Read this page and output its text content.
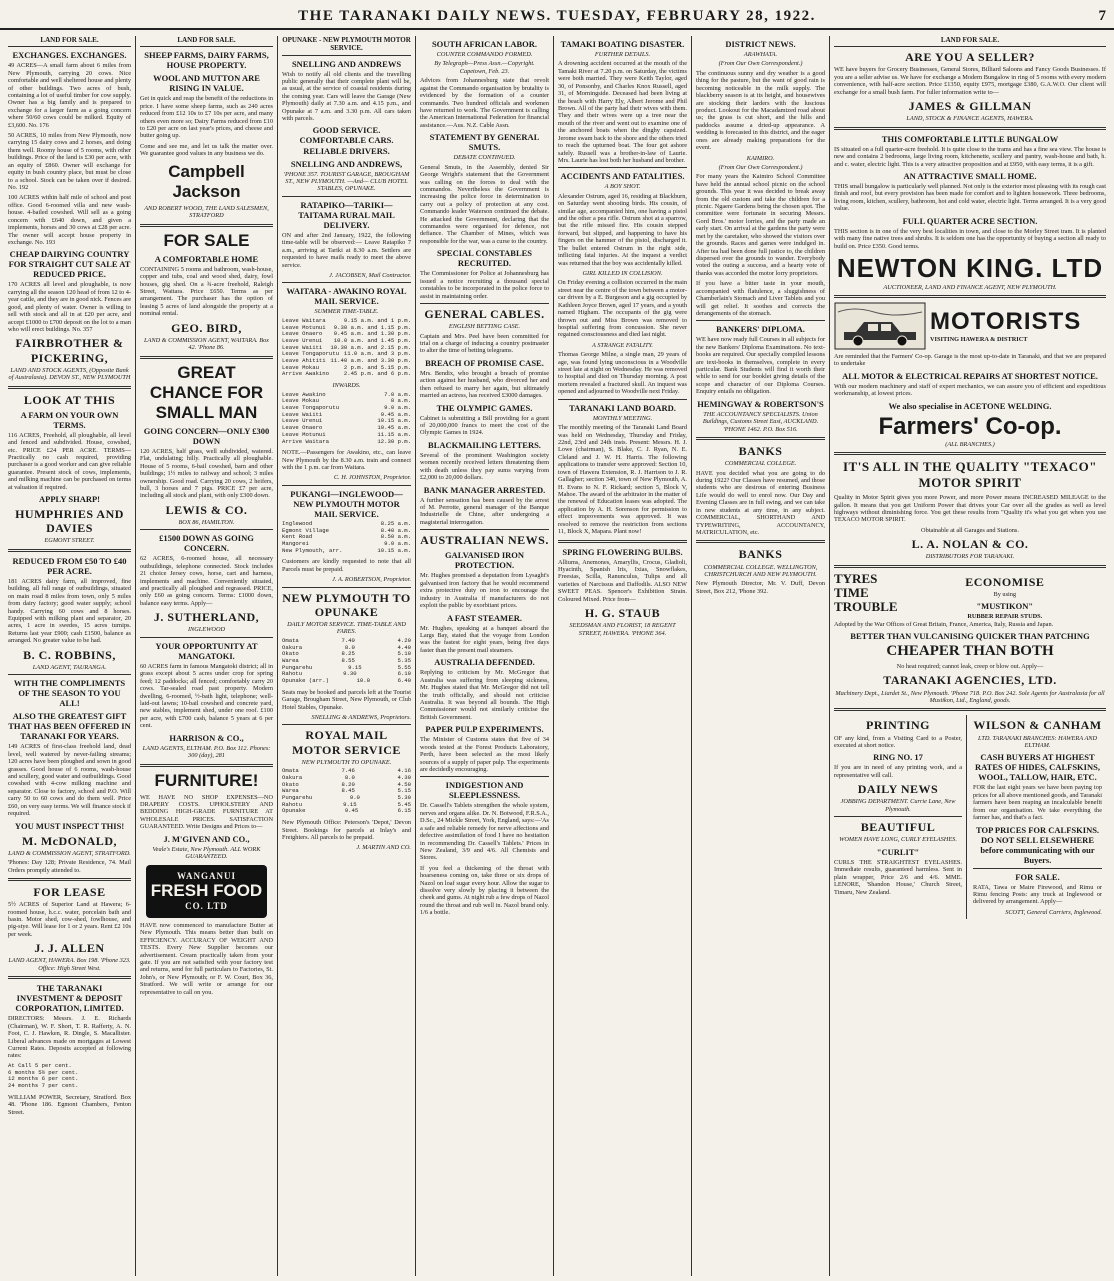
THE TARANAKI DAILY NEWS. TUESDAY, FEBRUARY 28, 1922.	7
LAND FOR SALE.
EXCHANGES. EXCHANGES.

49 ACRES—A small farm about 6 miles from New Plymouth, carrying 20 cows. Nice comfortable and well sheltered house and plenty of other buildings. Two acres of bush, containing a lot of useful timber for cow supply. Owner has a big family and is prepared to exchange for a larger farm as a going concern where 50/60 cows could be milked. Equity of £3,600. No. 176

50 ACRES, 10 miles from New Plymouth, now carrying 15 dairy cows and 2 horses, and doing them well. Roomy house of 5 rooms, with other buildings. Price of the land is £30 per acre, with an equity of £860. Owner will exchange for equity in bush country place, but must be close to a school. Stock can be taken over if desired. No. 192

100 ACRES within half mile of school and post office. Good 6-roomed villa and new wash-house. 4-bailed cowshed. Will sell as a going concern with £640 down, and given a implements, horses and 30 cows at £28 per acre. The owner will accept house property in exchange. No. 193

CHEAP DAIRYING COUNTRY FOR STRAIGHT CUT SALE AT REDUCED PRICE.

170 ACRES all level and ploughable, is now carrying all the season 120 head of from 12 to 4-year cattle, and they are in good nick. Fences are good, and plenty of water. Owner is willing to sell with stock and all in at £20 per acre, and accept £1000 to £700 deposit on the lot to a man who will erect buildings. No. 357

FAIRBROTHER & PICKERING,
LAND AND STOCK AGENTS, (Opposite Bank of Australasia). DEVON ST., NEW PLYMOUTH
LOOK AT THIS
A FARM ON YOUR OWN TERMS.

116 ACRES, Freehold, all ploughable, all level and fenced and subdivided. House, cowshed, etc. PRICE £24 PER ACRE. TERMS—Practically no cash required, providing purchaser is a good worker and can give reliable guarantee. Present stock of cows, implements, and milking machine can be purchased on terms at valuation if required.

APPLY SHARP!
HUMPHRIES AND DAVIES
EGMONT STREET.
REDUCED FROM £50 TO £40 PER ACRE.

181 ACRES dairy farm, all improved, fine building, all full range of outbuildings, situated on main road 8 miles from town, only 5 miles from dairy factory; good water supply; school handy. Carrying 60 cows and 8 horses. Equipped with milking plant and separator, 20 acres, 1 acre in swedes, 15 acres turnips. Returns last year £900; cash £1500, balance as arranged. No greater value to be had.

B. C. ROBBINS,
LAND AGENT, TAURANGA.
WITH THE COMPLIMENTS OF THE SEASON TO YOU ALL!
ALSO THE GREATEST GIFT THAT HAS BEEN OFFERED IN TARANAKI FOR YEARS.

149 ACRES of first-class freehold land, dead level, well watered by never-failing streams; 120 acres have been ploughed and sown in good grasses. Good house of 6 rooms, wash-house and scullery, good water and outbuildings. Good cowshed with 4-cow milking machine and separator. Close to factory, school and P.O. Will carry 50 to 60 cows and do them well. Price £60, on very easy terms. We will finance stock if required.

YOU MUST INSPECT THIS!
M. McDONALD,
LAND & COMMISSION AGENT, STRATFORD.

'Phones: Day 128; Private Residence, 74. Mail Orders promptly attended to.

FOR LEASE

5½ ACRES of Superior Land at Hawera; 6-roomed house, h.c.c. water, porcelain bath and basin. Motor shed, cow-shed, fowlhouse, and pig-stye. Will lease for 1 or 2 years. Rent £2 10s per week.

J. J. ALLEN
LAND AGENT, HAWERA. Box 198. 'Phone 323. Office: High Street West.
THE TARANAKI INVESTMENT & DEPOSIT CORPORATION, LIMITED.

DIRECTORS: Messrs. J. E. Richards (Chairman), W. F. Short, T. R. Rafferty, A. N. Foot, C. J. Hawken, R. Dingle, S. Macallister. Liberal advances made on mortgages at Lowest Current Rates. Deposits accepted at following rates:

At Call 5 per cent.
6 months 5½ per cent.
12 months 6 per cent.
24 months 7 per cent.

WILLIAM POWER, Secretary, Stratford. Box 48. 'Phone 186. Egmont Chambers, Fenton Street.

LAND FOR SALE.
SHEEP FARMS, DAIRY FARMS, HOUSE PROPERTY.
WOOL AND MUTTON ARE RISING IN VALUE.

Get in quick and reap the benefit of the reductions in price. I have some sheep farms, such as 240 acres reduced from £12 10s to £7 10s per acre, and many others even more so; Dairy Farms reduced from £10 to £20 per acre on last year's prices, and cheese and butter going up.

Come and see me, and let us talk the matter over. We guarantee good values in any business we do.

Campbell Jackson
AND ROBERT WOOD, THE LAND SALESMEN, STRATFORD
FOR SALE
A COMFORTABLE HOME

CONTAINING 5 rooms and bathroom, wash-house, copper and tubs, coal and wood shed, dairy, fowl houses, gig shed. On a ¾-acre freehold, Raleigh Street, Waitara. Price £650. Terms as per arrangement. The purchaser has the option of leasing 5 acres of land alongside the property at a nominal rental.

GEO. BIRD,
LAND & COMMISSION AGENT, WAITARA. Box 42. 'Phone 86.
GREAT CHANCE FOR SMALL MAN
GOING CONCERN—ONLY £300 DOWN

120 ACRES, half grass, well subdivided, watered. Flat, undulating; hilly. Practically all ploughable. House of 5 rooms, 6-bail cowshed, barn and other buildings; 1½ miles to railway and school; 3 miles ownership. Good road. Carrying 20 cows, 2 heifers, bull, 3 horses and 7 pigs. PRICE £7 per acre, including all stock and plant, with only £300 down.

LEWIS & CO.
BOX 86, HAMILTON.
£1500 DOWN AS GOING CONCERN.

62 ACRES, 6-roomed house, all necessary outbuildings, telephone connected. Stock includes 21 choice Jersey cows, horse, cart and harness, implements and machine. Conveniently situated, and practically all ploughed and regrassed. PRICE, only £60 as going concern. Terms: £1000 down, balance easy terms. Apply—

J. SUTHERLAND,
INGLEWOOD
YOUR OPPORTUNITY AT MANGATOKI.

60 ACRES farm in famous Mangatoki district; all in grass except about 5 acres under crop for spring feed; 12 paddocks; all fenced; comfortably carry 20 cows. Tar-sealed road past property. Modern dwelling, 6-roomed, ½-bath light, telephone; well-laid-out lawns; 10-bail cowshed and concrete yard, new stables, implement shed, under one roof. £100 per acre, with £700 cash, balance 5 years at 6 per cent.

HARRISON & CO.,
LAND AGENTS, ELTHAM. P.O. Box 112. Phones: 300 (day), 281
FURNITURE!

WE HAVE NO SHOP EXPENSES—NO DRAPERY COSTS. UPHOLSTERY AND BEDDING HIGH-GRADE FURNITURE AT WHOLESALE PRICES. SATISFACTION GUARANTEED. Write Designs and Prices to—

J. M'GIVEN AND CO.,
Veale's Estate, New Plymouth. ALL WORK GUARANTEED.
WANGANUI
FRESH FOOD
CO. LTD

HAVE now commenced to manufacture Butter at New Plymouth. This means better than built on EFFICIENCY. ACCURACY OF WEIGHT AND TESTS. Every New Supplier becomes our advertisement. Cream practically taken from your gate. If you are not satisfied with your factory test and returns, send for full particulars to Factories, St. John's, or New Plymouth; or F. W. Court, Box 36, Stratford. We will write or arrange for our representative to call on you.

OPUNAKE - NEW PLYMOUTH MOTOR SERVICE.
SNELLING AND ANDREWS

Wish to notify all old clients and the travelling public generally that their complete plant will be, as usual, at the service of coastal residents during the coming year. Cars will leave the Garage (New Plymouth) daily at 7.30 a.m. and 4.15 p.m., and Opunake at 7 a.m. and 3.30 p.m. All cars taken with parcels.

GOOD SERVICE. COMFORTABLE CARS. RELIABLE DRIVERS.
SNELLING AND ANDREWS,
'PHONE 357. TOURIST GARAGE, BROUGHAM ST., NEW PLYMOUTH. —And— CLUB HOTEL STABLES, OPUNAKE.
RATAPIKO—TARIKI—TAITAMA RURAL MAIL DELIVERY.

ON and after 2nd January, 1922, the following time-table will be observed:— Leave Ratapiko 7 a.m., arriving at Tariki at 8.30 a.m. Settlers are requested to have mails ready to meet the above service.

J. JACOBSEN, Mail Contractor.
WAITARA - AWAKINO ROYAL MAIL SERVICE.
SUMMER TIME-TABLE.
Leave Waitara	9.15 a.m. and 1 p.m.
Leave Motunui 9.30 a.m. and 1.15 p.m.
Leave Onaero 9.45 a.m. and 1.30 p.m.
Leave Urenui 10.0 a.m. and 1.45 p.m.
Leave Waiiti 10.30 a.m. and 2.15 p.m.
Leave Tongaporutu 11.0 a.m. and 3 p.m.
Leave Ahititi 11.40 a.m. and 3.30 p.m.
Leave Mokau	2 p.m. and 5.15 p.m.
Arrive Awakino	2.45 p.m. and 6 p.m.
INWARDS.
Leave Awakino	7.0 a.m.
Leave Mokau	8 a.m.
Leave Tongaporutu	9.0 a.m.
Leave Waiiti	9.45 a.m.
Leave Urenui	10.15 a.m.
Leave Onaero	10.45 a.m.
Leave Motunui	11.15 a.m.
Arrive Waitara	12.30 p.m.

NOTE.—Passengers for Awakino, etc., can leave New Plymouth by the 8.30 a.m. train and connect with the 1 p.m. car from Waitara.

C. H. JOHNSTON, Proprietor.
PUKANGI—INGLEWOOD—NEW PLYMOUTH MOTOR MAIL SERVICE.
Inglewood	8.25 a.m.
Egmont Village	8.40 a.m.
Kent Road	8.50 a.m.
Mangorei	9.0 a.m.
New Plymouth, arr.	10.15 a.m.

Customers are kindly requested to note that all Parcels must be prepaid.

J. A. ROBERTSON, Proprietor.
NEW PLYMOUTH TO OPUNAKE
DAILY MOTOR SERVICE. TIME-TABLE AND FARES.
Omata	7.40	4.20
Oakura	8.0	4.40
Okato	8.25	5.10
Warea	8.55	5.35
Pungarehu	9.15	5.55
Rahotu	9.30	6.10
Opunake (arr.)	10.0	6.40

Seats may be booked and parcels left at the Tourist Garage, Brougham Street, New Plymouth, or Club Hotel Stables, Opunake.

SNELLING & ANDREWS, Proprietors.
ROYAL MAIL MOTOR SERVICE
NEW PLYMOUTH TO OPUNAKE.
Omata	7.46	4.16
Oakura	8.0	4.30
Okato	8.20	4.50
Warea	8.45	5.15
Pungarehu	9.0	5.30
Rahotu	9.15	5.45
Opunake	9.45	6.15

New Plymouth Office: Peterson's 'Depot,' Devon Street. Bookings for parcels at Inlay's and Freighters. All parcels to be prepaid.

J. MARTIN AND CO.
SOUTH AFRICAN LABOR.
COUNTER COMMANDO FORMED.
By Telegraph—Press Assn.—Copyright. Capetown, Feb. 23.

Advices from Johannesburg state that revolt against the Commando organisation by brutality is evidenced by the formation of a counter commando. Two hundred officials and workmen have returned to work. The Government is calling the American International Federation for financial assistance.—Aus. N.Z. Cable Assn.

STATEMENT BY GENERAL SMUTS.
DEBATE CONTINUED.

General Smuts, in the Assembly, denied Sir George Wright's statement that the Government was calling on the forces to deal with the commandos. Nevertheless the Government is increasing the police force in determination to carry out a policy of protection at any cost. Commando leader Waterson continued the debate. He attacked the Government, declaring that the commandos were organised for defence, not defiance. The Chamber of Mines, which was responsible for the war, was a curse to the country.

SPECIAL CONSTABLES RECRUITED.

The Commissioner for Police at Johannesburg has issued a notice recruiting a thousand special constables to be incorporated in the police force to assist in maintaining order.

GENERAL CABLES.
ENGLISH BETTING CASE.

Captain and Mrs. Peel have been committed for trial on a charge of inducing a country postmaster to alter the time of betting telegrams.

BREACH OF PROMISE CASE.

Mrs. Bendix, who brought a breach of promise action against her husband, who divorced her and then refused to marry her again, but ultimately married an actress, has received £3000 damages.

THE OLYMPIC GAMES.

Cabinet is submitting a Bill providing for a grant of 20,000,000 francs to meet the cost of the Olympic Games in 1924.

BLACKMAILING LETTERS.

Several of the prominent Washington society women recently received letters threatening them with death unless they pay sums varying from £2,000 to 20,000 dollars.

BANK MANAGER ARRESTED.

A further sensation has been caused by the arrest of M. Perrotte, general manager of the Banque Industrielle de Chine, after undergoing a magisterial interrogation.

AUSTRALIAN NEWS.
GALVANISED IRON PROTECTION.

Mr. Hughes promised a deputation from Lysaght's galvanised iron factory that he would recommend extra protective duty on iron to encourage the industry in Australia if manufacturers do not exploit the public by exorbitant prices.

A FAST STEAMER.

Mr. Hughes, speaking at a banquet aboard the Largs Bay, stated that the voyage from London was the fastest for eight years, being five days faster than the present mail steamers.

AUSTRALIA DEFENDED.

Replying to criticism by Mr. McGregor that Australia was suffering from sleeping sickness, Mr. Hughes stated that Mr. McGregor did not tell the truth officially, and should not criticise Australia. It was beyond all bounds. The High Commissioner would not similarly criticise the British Government.

PAPER PULP EXPERIMENTS.

The Minister of Customs states that five of 34 woods tested at the Forest Products Laboratory, Perth, have been selected as the most likely sources of a supply of paper pulp. The experiments are decidedly encouraging.

INDIGESTION AND SLEEPLESSNESS.

Dr. Cassell's Tablets strengthen the whole system, nerves and organs alike. Dr. N. Botwood, F.R.S.A., D.Sc., 24 Mickle Street, York, England, says:—'As a safe and reliable remedy for nerve affections and defective assimilation of food I have no hesitation in recommending Dr. Cassell's Tablets.' Prices in New Zealand, 3/9 and 4/6. All Chemists and Stores.

If you feel a thickening of the throat with hoarseness coming on, take three or six drops of Nazol on loaf sugar every hour. Allow the sugar to dissolve very slowly by placing it between the cheek and gums. At night rub a few drops of Nazol round the throat and rub well in. Nazol brand only. 1/6 a bottle.

TAMAKI BOATING DISASTER.
FURTHER DETAILS.

A drowning accident occurred at the mouth of the Tamaki River at 7.20 p.m. on Saturday, the victims were both married. They were Keith Taylor, aged 30, of Ponsonby, and Charles Knox Russell, aged 31, of Morningside. Deceased had been living at the beach with Harry Ely, Albert Jerome and Phil Brown. All of the party had their wives with them. They and their wives were up a tree near the mouth of the river and went out to examine one of the anchored boats when the dinghy capsized. Jerome swam back to the shore and the others tried to reach the upturned boat. The four got ashore safely. Russell was a brother-in-law of Laurie. Mrs. Laurie has lost both her husband and brother.

ACCIDENTS AND FATALITIES.
A BOY SHOT.

Alexander Ostrum, aged 16, residing at Blackburn, on Saturday went shooting birds. His cousin, of similar age, accompanied him, one having a pistol and the other a pea rifle. Ostrum shot at a sparrow, but the rifle missed fire. His cousin stepped forward, but slipped, and happening to have his fingers on the hammer of the pistol, discharged it. The bullet entered Ostrum in the right side, inflicting fatal injuries. At the inquest a verdict was returned that the boy was accidentally killed.

GIRL KILLED IN COLLISION.

On Friday evening a collision occurred in the main street near the centre of the town between a motor-car driven by a E. Burgeson and a gig occupied by Kathleen Joyce Brown, aged 17 years, and a youth named Higham. The occupants of the gig were thrown out and Miss Brown was removed to hospital suffering from concussion. She never regained consciousness and died last night.

A STRANGE FATALITY.

Thomas George Milne, a single man, 29 years of age, was found lying unconscious in a Woodville street late at night on Wednesday. He was removed to hospital and died on Thursday morning. A post mortem revealed a fractured skull. An inquest was opened and adjourned to Woodville next Friday.

TARANAKI LAND BOARD.
MONTHLY MEETING.

The monthly meeting of the Taranaki Land Board was held on Wednesday, Thursday and Friday, 22nd, 23rd and 24th insts. Present: Messrs. H. J. Lowe (chairman), S. Blake, C. J. Ryan, N. E. Cleland and J. W. H. Harris. The following applications to transfer were approved: Section 10, town of Hawera Extension, R. J. Harrison to J. R. Gallagher; section 340, town of New Plymouth, A. H. Evans to N. F. Rickard; section 5, Block V, Mahoe. The award of the arbitrator in the matter of the renewal of Education leases was adopted. The application by A. H. Sorenson for permission to effect improvements was approved. It was resolved to remove the restriction from sections 11, Block X, Mapara. Plant now!

SPRING FLOWERING BULBS.

Alliums, Anemones, Amaryllis, Crocus, Gladioli, Hyacinth, Spanish Iris, Ixias, Snowflakes, Freesias, Scilla, Ranunculus, Tulips and all varieties of Narcissus and Daffodils. ALSO NEW SWEET PEAS. Spencer's Exhibition Strain. Coloured Mixed. Price from—

H. G. STAUB
SEEDSMAN AND FLORIST, 18 REGENT STREET, HAWERA. 'PHONE 364.
DISTRICT NEWS.
ARAWHATA.
(From Our Own Correspondent.)

The continuous sunny and dry weather is a good thing for the pasture, but the want of good rain is becoming noticeable in the milk supply. The blackberry season is at its height, and housewives are stocking their larders with the luscious product. Lookout for the Macadamized road about us; the grass is cut short, and the hills and paddocks assume a dried-up appearance. A wedding is forecasted in this district, and the eager ones are already making preparations for the event.

KAIMIRO.
(From Our Own Correspondent.)

For many years the Kaimiro School Committee have held the annual school picnic on the school grounds. This year it was decided to break away from the old custom and take the children for a picnic. Ngaere Gardens being the chosen spot. The committee were fortunate in securing Messrs. Gord Bros.' motor lorries, and the party made an early start. On arrival at the gardens the party were met by the caretaker, who showed the visitors over the grounds. Races and games were indulged in. After tea had been done full justice to, the children dispersed over the grounds to wander. Everybody voted the outing a success, and a hearty vote of thanks was accorded the motor lorry proprietors.

If you have a bitter taste in your mouth, accompanied with flatulence, a sluggishness of Chamberlain's Stomach and Liver Tablets and you will get relief. It soothes and corrects the derangements of the stomach.

BANKERS' DIPLOMA.

WE have now ready full Courses in all subjects for the new Bankers' Diploma Examinations. No text-books are required. Our specially compiled lessons are text-books in themselves, complete in every particular. Bank Students will find it worth their while to send for our booklet giving details of the scope and character of our Diploma Courses. Enquiry entails no obligation.

HEMINGWAY & ROBERTSON'S
THE ACCOUNTANCY SPECIALISTS. Union Buildings, Customs Street East, AUCKLAND. 'PHONE 1462. P.O. Box 516.
BANKS
COMMERCIAL COLLEGE.

HAVE you decided what you are going to do during 1922? Our Classes have resumed, and those students who are desirous of entering Business Life would do well to enrol now. Our Day and Evening Classes are in full swing, and we can take in new students at any time, in any subject. COMMERCIAL, SHORTHAND AND TYPEWRITING, ACCOUNTANCY, MATRICULATION, etc.

BANKS
COMMERCIAL COLLEGE. WELLINGTON, CHRISTCHURCH AND NEW PLYMOUTH.

New Plymouth Director, Mr. V. Duff, Devon Street, Box 212, 'Phone 392.

LAND FOR SALE.
ARE YOU A SELLER?

WE have buyers for Grocery Businesses, General Stores, Billiard Saloons and Fancy Goods Businesses. If you are a seller advise us. We have for exchange a Modern Bungalow in ring of 5 rooms with every modern convenience, with half-acre section. Price £1350, equity £975, mortgage £380, G.A.W.O. Our client will exchange for a small bush farm. For fuller information write to—

JAMES & GILLMAN
LAND, STOCK & FINANCE AGENTS, HAWERA.
THIS COMFORTABLE LITTLE BUNGALOW

IS situated on a full quarter-acre freehold. It is quite close to the trams and has a fine sea view. The house is new and contains 2 bedrooms, large living room, kitchenette, scullery and pantry, wash-house and bath, h. and c. water, electric light. This is a very attractive proposition and at £950, with easy terms, it is a gift.

AN ATTRACTIVE SMALL HOME.

THIS small bungalow is particularly well planned. Not only is the exterior most pleasing with its rough cast finish and roof, but every provision has been made for comfort and to lighten housework. Three bedrooms, living room, kitchen, scullery, bathroom, hot and cold water, electric light. Terms arranged. It is a very good value.

FULL QUARTER ACRE SECTION.

THIS section is in one of the very best localities in town, and close to the Morley Street tram. It is planted with many fine native trees and shrubs. It is seldom one has the opportunity of buying a section all ready to build on. Price £350. Good terms.

NEWTON KING. LTD
AUCTIONEER, LAND AND FINANCE AGENT, NEW PLYMOUTH.
MOTORISTS
VISITING HAWERA & DISTRICT

Are reminded that the Farmers' Co-op. Garage is the most up-to-date in Taranaki, and that we are prepared to undertake

ALL MOTOR & ELECTRICAL REPAIRS AT SHORTEST NOTICE.

With our modern machinery and staff of expert mechanics, we can assure you of efficient and expeditious workmanship, at lowest prices.

We also specialise in ACETONE WELDING.
Farmers' Co-op.
(ALL BRANCHES.)
IT'S ALL IN THE QUALITY "TEXACO" MOTOR SPIRIT

Quality in Motor Spirit gives you more Power, and more Power means INCREASED MILEAGE to the gallon. It means that you get Uniform Power that drives your Car over all the grades as well as level highways without diminishing force. You get these results from "Quality it's what you get when you use TEXACO MOTOR SPIRIT.

Obtainable at all Garages and Stations.
L. A. NOLAN & CO.
DISTRIBUTORS FOR TARANAKI.
TYRES
TIME
TROUBLE
ECONOMISE
By using
"MUSTIKON"
RUBBER REPAIR STUDS.

Adopted by the War Offices of Great Britain, France, America, Italy, Russia and Japan.

BETTER THAN VULCANISING QUICKER THAN PATCHING
CHEAPER THAN BOTH
No heat required; cannot leak, creep or blow out. Apply—
TARANAKI AGENCIES, LTD.
Machinery Dept., Liardet St., New Plymouth. 'Phone 718. P.O. Box 242. Sole Agents for Australasia for all Mustikon, Ltd., England, goods.
PRINTING

OF any kind, from a Visiting Card to a Poster, executed at short notice.

RING NO. 17

If you are in need of any printing work, and a representative will call.

DAILY NEWS
JOBBING DEPARTMENT. Currie Lane, New Plymouth.
BEAUTIFUL
WOMEN HAVE LONG, CURLY EYELASHES.
"CURLIT"

CURLS THE STRAIGHTEST EYELASHES. Immediate results, guaranteed harmless. Sent in plain wrapper, Price 2/6 and 4/6. MME. LENORE, 'Shandon House,' Church Street, Timaru, New Zealand.

WILSON & CANHAM
LTD. TARANAKI BRANCHES: HAWERA AND ELTHAM.
CASH BUYERS AT HIGHEST RATES OF HIDES, CALFSKINS, WOOL, TALLOW, HAIR, ETC.

FOR the last eight years we have been paying top prices for all above mentioned goods, and Taranaki farmers have been reaping an incalculable benefit from our organisation. We take everything the farmer has, and that's a fact.

TOP PRICES FOR CALFSKINS. DO NOT SELL ELSEWHERE before communicating with our Buyers.
FOR SALE.

RATA, Tawa or Maire Firewood, and Rimu or Rimu fencing Posts: any truck at Inglewood or delivered by arrangement. Apply—

SCOTT, General Carriers, Inglewood.
